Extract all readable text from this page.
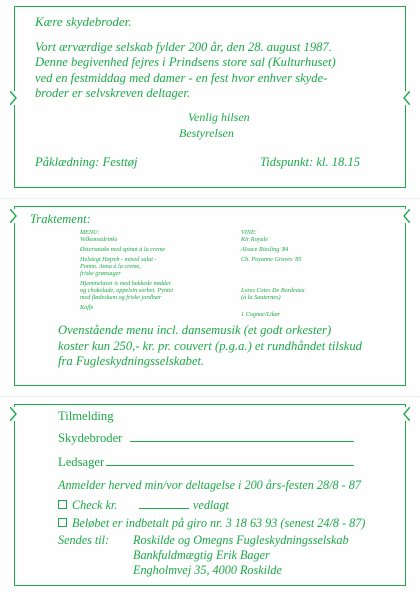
Kære skydebroder.
Vort ærværdige selskab fylder 200 år, den 28. august 1987.
Denne begivenhed fejres i Prindsens store sal (Kulturhuset)
ved en festmiddag med damer - en fest hvor enhver skyde-
broder er selvskreven deltager.
Venlig hilsen
Bestyrelsen
Påklædning: Festtøj	Tidspunkt: kl. 18.15
Traktement:
MENU:
Velkomstdrinks
Østersøtaks med spinat à la creme
Helstegt Højreb - mixed salat -
Pomm. Anna à la creme,
friske grønsager
Hjemmelavet is med hakkede nødder
og chokolade, appelsin sorbet. Pyntet
med flødeskum og friske jordbær
Kaffe
VINE:
Kir Royale
Alsace Riesling '84
Ch. Poyanne Graves '85
Lores Cotes De Bordeaux
(à la Sauternes)
1 Cognac/Likør
Ovenstående menu incl. dansemusik (et godt orkester)
koster kun 250,- kr. pr. couvert (p.g.a.) et rundhåndet tilskud
fra Fugleskydningsselskabet.
Tilmelding
Skydebroder
Ledsager
Anmelder herved min/vor deltagelse i 200 års-festen 28/8 - 87
Check kr.	vedlagt
Beløbet er indbetalt på giro nr. 3 18 63 93 (senest 24/8 - 87)
Sendes til: Roskilde og Omegns Fugleskydningsselskab
Bankfuldmægtig Erik Bager
Engholmvej 35, 4000 Roskilde
